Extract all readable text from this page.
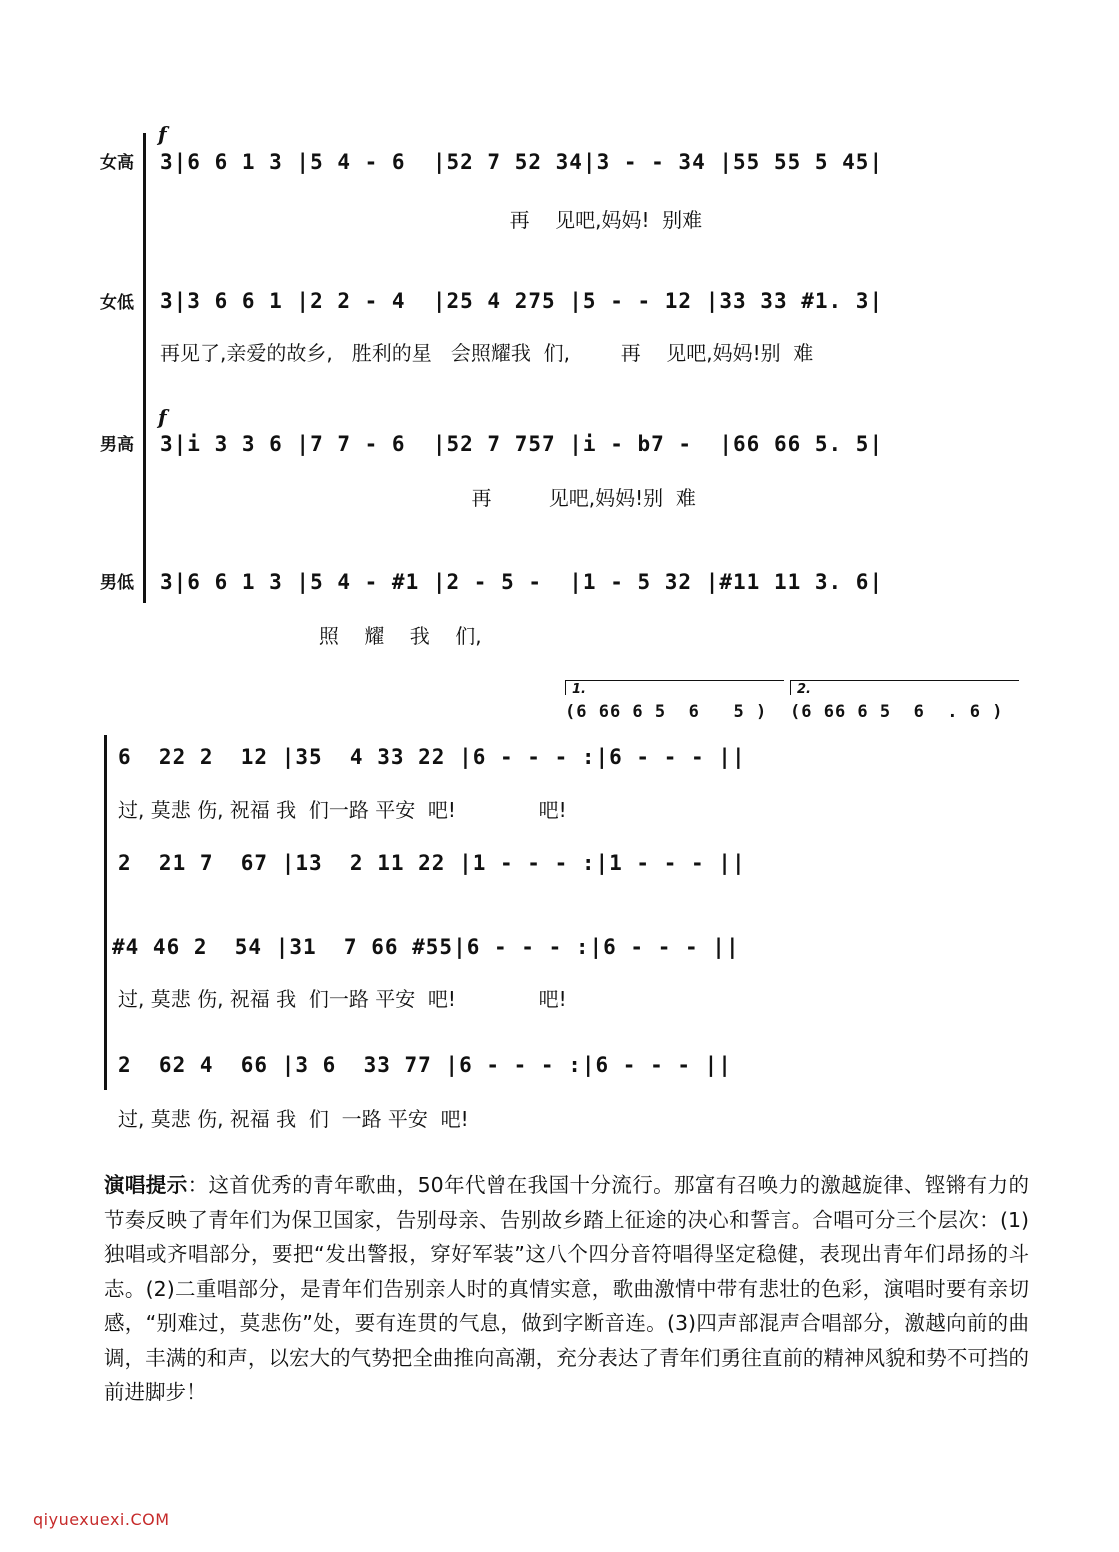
f
f
女高 3|6 6 1 3 |5 4 - 6  |52 7 52 34|3 - - 34 |55 55 5 45|
再    见吧,妈妈!  别难
女低 3|3 6 6 1 |2 2 - 4  |25 4 275 |5 - - 12 |33 33 #1. 3|
再见了,亲爱的故乡,   胜利的星   会照耀我  们,        再    见吧,妈妈!别  难
男高 3|i 3 3 6 |7 7 - 6  |52 7 757 |i - b7 -  |66 66 5. 5|
再         见吧,妈妈!别  难
男低 3|6 6 1 3 |5 4 - #1 |2 - 5 -  |1 - 5 32 |#11 11 3. 6|
照    耀    我    们,
1.	2.
(6 66 6 5  6   5 ) (6 66 6 5  6  . 6 )
6  22 2  12 |35  4 33 22 |6 - - - :|6 - - - ||
过, 莫悲 伤, 祝福 我  们一路 平安  吧!             吧!
2  21 7  67 |13  2 11 22 |1 - - - :|1 - - - ||
#4 46 2  54 |31  7 66 #55|6 - - - :|6 - - - ||
过, 莫悲 伤, 祝福 我  们一路 平安  吧!             吧!
2  62 4  66 |3 6  33 77 |6 - - - :|6 - - - ||
过, 莫悲 伤, 祝福 我  们  一路 平安  吧!
演唱提示：这首优秀的青年歌曲，50年代曾在我国十分流行。那富有召唤力的激越旋律、铿锵有力的节奏反映了青年们为保卫国家，告别母亲、告别故乡踏上征途的决心和誓言。合唱可分三个层次：(1)独唱或齐唱部分，要把“发出警报，穿好军装”这八个四分音符唱得坚定稳健，表现出青年们昂扬的斗志。(2)二重唱部分，是青年们告别亲人时的真情实意，歌曲激情中带有悲壮的色彩，演唱时要有亲切感，“别难过，莫悲伤”处，要有连贯的气息，做到字断音连。(3)四声部混声合唱部分，激越向前的曲调，丰满的和声，以宏大的气势把全曲推向高潮，充分表达了青年们勇往直前的精神风貌和势不可挡的前进脚步！
qiyuexuexi.COM
